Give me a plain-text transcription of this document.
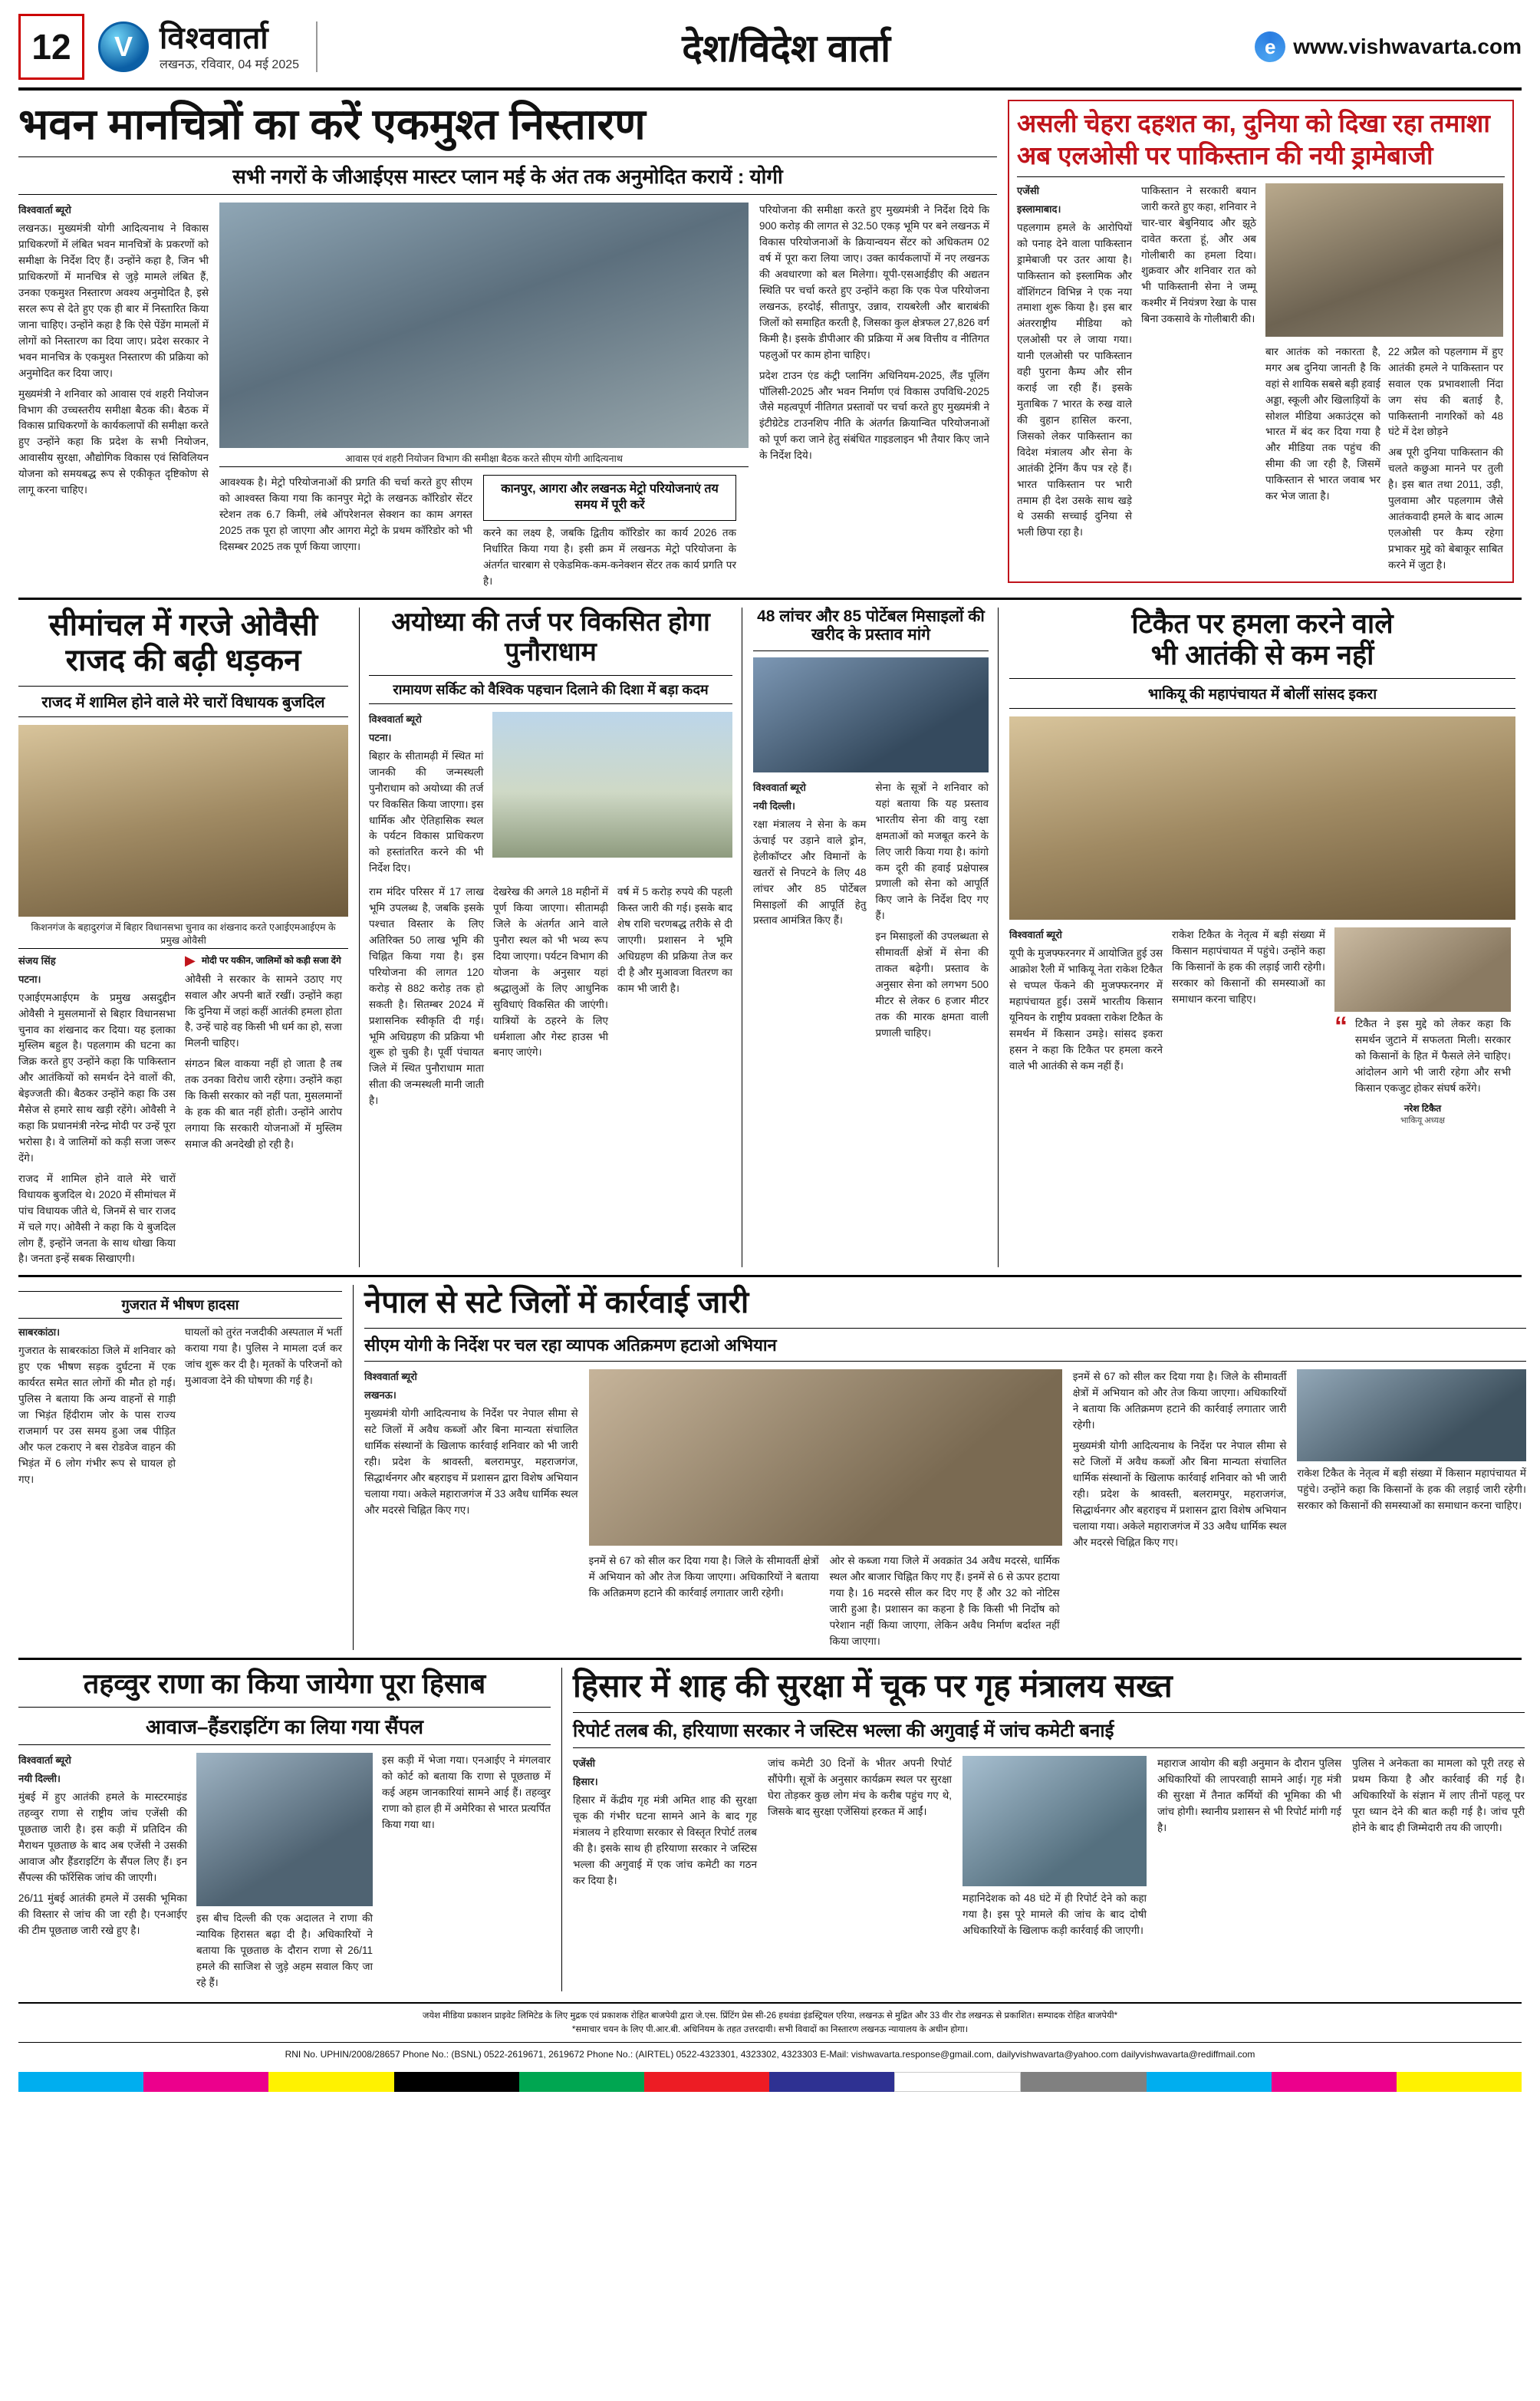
12	V विश्ववार्ता
लखनऊ, रविवार, 04 मई 2025	देश/विदेश वार्ता	e www.vishwavarta.com
भवन मानचित्रों का करें एकमुश्त निस्तारण
सभी नगरों के जीआईएस मास्टर प्लान मई के अंत तक अनुमोदित करायें : योगी
विश्ववार्ता ब्यूरो
लखनऊ। मुख्यमंत्री योगी आदित्यनाथ ने विकास प्राधिकरणों में लंबित भवन मानचित्रों के प्रकरणों को समीक्षा के निर्देश दिए हैं। उन्होंने कहा है, जिन भी प्राधिकरणों में मानचित्र से जुड़े मामले लंबित हैं, उनका एकमुश्त निस्तारण अवश्य अनुमोदित है, इसे सरल रूप से देते हुए एक ही बार में निस्तारित किया जाना चाहिए। उन्होंने कहा है कि ऐसे पेंडेंग मामलों में लोगों को निस्तारण का दिया जाए। प्रदेश सरकार ने भवन मानचित्र के एकमुश्त निस्तारण की प्रक्रिया को अनुमोदित कर दिया जाए।
मुख्यमंत्री ने शनिवार को आवास एवं शहरी नियोजन विभाग की उच्चस्तरीय समीक्षा बैठक की। बैठक में विकास प्राधिकरणों के कार्यकलापों की समीक्षा करते हुए उन्होंने कहा कि प्रदेश के सभी नियोजन, आवासीय सुरक्षा, औद्योगिक विकास एवं सिविलियन योजना को समयबद्ध रूप से एकीकृत दृष्टिकोण से लागू करना चाहिए।
आवास एवं शहरी नियोजन विभाग की समीक्षा बैठक करते सीएम योगी आदित्यनाथ
आवश्यक है। मेट्रो परियोजनाओं की प्रगति की चर्चा करते हुए सीएम को आश्वस्त किया गया कि कानपुर मेट्रो के लखनऊ कॉरिडोर सेंटर स्टेशन तक 6.7 किमी, लंबे ऑपरेशनल सेक्शन का काम अगस्त 2025 तक पूरा हो जाएगा और आगरा मेट्रो के प्रथम कॉरिडोर को भी दिसम्बर 2025 तक पूर्ण किया जाएगा।
कानपुर, आगरा और लखनऊ मेट्रो परियोजनाएं तय समय में पूरी करें
करने का लक्ष्य है, जबकि द्वितीय कॉरिडोर का कार्य 2026 तक निर्धारित किया गया है। इसी क्रम में लखनऊ मेट्रो परियोजना के अंतर्गत चारबाग से एकेडमिक-कम-कनेक्शन सेंटर तक कार्य प्रगति पर है।
परियोजना की समीक्षा करते हुए मुख्यमंत्री ने निर्देश दिये कि 900 करोड़ की लागत से 32.50 एकड़ भूमि पर बने लखनऊ में विकास परियोजनाओं के क्रियान्वयन सेंटर को अधिकतम 02 वर्ष में पूरा करा लिया जाए। उक्त कार्यकलापों में नए लखनऊ की अवधारणा को बल मिलेगा। यूपी-एसआईडीए की अद्यतन स्थिति पर चर्चा करते हुए उन्होंने कहा कि एक पेज परियोजना लखनऊ, हरदोई, सीतापुर, उन्नाव, रायबरेली और बाराबंकी जिलों को समाहित करती है, जिसका कुल क्षेत्रफल 27,826 वर्ग किमी है। इसके डीपीआर की प्रक्रिया में अब वित्तीय व नीतिगत पहलुओं पर काम होना चाहिए।
प्रदेश टाउन एंड कंट्री प्लानिंग अधिनियम-2025, लैंड पूलिंग पॉलिसी-2025 और भवन निर्माण एवं विकास उपविधि-2025 जैसे महत्वपूर्ण नीतिगत प्रस्तावों पर चर्चा करते हुए मुख्यमंत्री ने इंटीग्रेटेड टाउनशिप नीति के अंतर्गत क्रियान्वित परियोजनाओं को पूर्ण करा जाने हेतु संबंधित गाइडलाइन भी तैयार किए जाने के निर्देश दिये।
असली चेहरा दहशत का, दुनिया को दिखा रहा तमाशा
अब एलओसी पर पाकिस्तान की नयी ड्रामेबाजी
एजेंसी
इस्लामाबाद।
पहलगाम हमले के आरोपियों को पनाह देने वाला पाकिस्तान ड्रामेबाजी पर उतर आया है। पाकिस्तान को इस्लामिक और वॉशिंगटन विभिन्न ने एक नया तमाशा शुरू किया है। इस बार अंतरराष्ट्रीय मीडिया को एलओसी पर ले जाया गया। यानी एलओसी पर पाकिस्तान वही पुराना कैम्प और सीन कराई जा रही हैं। इसके मुताबिक 7 भारत के रुख वाले की वुहान हासिल करना, जिसको लेकर पाकिस्तान का विदेश मंत्रालय और सेना के आतंकी ट्रेनिंग कैंप पत्र रहे हैं। भारत पाकिस्तान पर भारी तमाम ही देश उसके साथ खड़े थे उसकी सच्चाई दुनिया से भली छिपा रहा है।
पाकिस्तान ने सरकारी बयान जारी करते हुए कहा, शनिवार ने चार-चार बेबुनियाद और झूठे दावेत करता हूं, और अब गोलीबारी का हमला दिया। शुक्रवार और शनिवार रात को भी पाकिस्तानी सेना ने जम्मू कश्मीर में नियंत्रण रेखा के पास बिना उकसावे के गोलीबारी की।
बार आतंक को नकारता है, मगर अब दुनिया जानती है कि वहां से शायिक सबसे बड़ी हवाई अड्डा, स्कूली और खिलाड़ियों के सोशल मीडिया अकाउंट्स को भारत में बंद कर दिया गया है और मीडिया तक पहुंच की सीमा की जा रही है, जिसमें पाकिस्तान से भारत जवाब भर कर भेज जाता है।
22 अप्रैल को पहलगाम में हुए आतंकी हमले ने पाकिस्तान पर सवाल एक प्रभावशाली निंदा जग संघ की बताई है, पाकिस्तानी नागरिकों को 48 घंटे में देश छोड़ने
अब पूरी दुनिया पाकिस्तान की चलते कछुआ मानने पर तुली है। इस बात तथा 2011, उड़ी, पुलवामा और पहलगाम जैसे आतंकवादी हमले के बाद आत्म एलओसी पर कैम्प रहेगा प्रभाकर मुद्दे को बेबाकूर साबित करने में जुटा है।
सीमांचल में गरजे ओवैसी
राजद की बढ़ी धड़कन
राजद में शामिल होने वाले मेरे चारों विधायक बुजदिल
किशनगंज के बहादुरगंज में बिहार विधानसभा चुनाव का शंखनाद करते एआईएमआईएम के प्रमुख ओवैसी
संजय सिंह
पटना।
एआईएमआईएम के प्रमुख असदुद्दीन ओवैसी ने मुसलमानों से बिहार विधानसभा चुनाव का शंखनाद कर दिया। यह इलाका मुस्लिम बहुल है। पहलगाम की घटना का जिक्र करते हुए उन्होंने कहा कि पाकिस्तान और आतंकियों को समर्थन देने वालों की, बेइज्जती की। बैठकर उन्होंने कहा कि उस मैसेज से हमारे साथ खड़ी रहेंगे। ओवैसी ने कहा कि प्रधानमंत्री नरेन्द्र मोदी पर उन्हें पूरा भरोसा है। वे जालिमों को कड़ी सजा जरूर देंगे।
राजद में शामिल होने वाले मेरे चारों विधायक बुजदिल थे। 2020 में सीमांचल में पांच विधायक जीते थे, जिनमें से चार राजद में चले गए। ओवैसी ने कहा कि ये बुजदिल लोग हैं, इन्होंने जनता के साथ धोखा किया है। जनता इन्हें सबक सिखाएगी।
▶ मोदी पर यकीन, जालिमों को कड़ी सजा देंगे
ओवैसी ने सरकार के सामने उठाए गए सवाल और अपनी बातें रखीं। उन्होंने कहा कि दुनिया में जहां कहीं आतंकी हमला होता है, उन्हें चाहे वह किसी भी धर्म का हो, सजा मिलनी चाहिए।
संगठन बिल वाकया नहीं हो जाता है तब तक उनका विरोध जारी रहेगा। उन्होंने कहा कि किसी सरकार को नहीं पता, मुसलमानों के हक की बात नहीं होती। उन्होंने आरोप लगाया कि सरकारी योजनाओं में मुस्लिम समाज की अनदेखी हो रही है।
अयोध्या की तर्ज पर विकसित होगा पुनौराधाम
रामायण सर्किट को वैश्विक पहचान दिलाने की दिशा में बड़ा कदम
विश्ववार्ता ब्यूरो
पटना।
बिहार के सीतामढ़ी में स्थित मां जानकी की जन्मस्थली पुनौराधाम को अयोध्या की तर्ज पर विकसित किया जाएगा। इस धार्मिक और ऐतिहासिक स्थल के पर्यटन विकास प्राधिकरण को हस्तांतरित करने की भी निर्देश दिए।
राम मंदिर परिसर में 17 लाख भूमि उपलब्ध है, जबकि इसके पश्चात विस्तार के लिए अतिरिक्त 50 लाख भूमि की चिह्नित किया गया है। इस परियोजना की लागत 120 करोड़ से 882 करोड़ तक हो सकती है। सितम्बर 2024 में प्रशासनिक स्वीकृति दी गई। भूमि अधिग्रहण की प्रक्रिया भी शुरू हो चुकी है। पूर्वी पंचायत जिले में स्थित पुनौराधाम माता सीता की जन्मस्थली मानी जाती है।
देखरेख की अगले 18 महीनों में पूर्ण किया जाएगा। सीतामढ़ी जिले के अंतर्गत आने वाले पुनौरा स्थल को भी भव्य रूप दिया जाएगा। पर्यटन विभाग की योजना के अनुसार यहां श्रद्धालुओं के लिए आधुनिक सुविधाएं विकसित की जाएंगी। यात्रियों के ठहरने के लिए धर्मशाला और गेस्ट हाउस भी बनाए जाएंगे।
वर्ष में 5 करोड़ रुपये की पहली किस्त जारी की गई। इसके बाद शेष राशि चरणबद्ध तरीके से दी जाएगी। प्रशासन ने भूमि अधिग्रहण की प्रक्रिया तेज कर दी है और मुआवजा वितरण का काम भी जारी है।
48 लांचर और 85 पोर्टेबल मिसाइलों की खरीद के प्रस्ताव मांगे
विश्ववार्ता ब्यूरो
नयी दिल्ली।
रक्षा मंत्रालय ने सेना के कम ऊंचाई पर उड़ाने वाले ड्रोन, हेलीकॉप्टर और विमानों के खतरों से निपटने के लिए 48 लांचर और 85 पोर्टेबल मिसाइलों की आपूर्ति हेतु प्रस्ताव आमंत्रित किए हैं।
सेना के सूत्रों ने शनिवार को यहां बताया कि यह प्रस्ताव भारतीय सेना की वायु रक्षा क्षमताओं को मजबूत करने के लिए जारी किया गया है। कांगो कम दूरी की हवाई प्रक्षेपास्त्र प्रणाली को सेना को आपूर्ति किए जाने के निर्देश दिए गए हैं।
इन मिसाइलों की उपलब्धता से सीमावर्ती क्षेत्रों में सेना की ताकत बढ़ेगी। प्रस्ताव के अनुसार सेना को लगभग 500 मीटर से लेकर 6 हजार मीटर तक की मारक क्षमता वाली प्रणाली चाहिए।
टिकैत पर हमला करने वाले
भी आतंकी से कम नहीं
भाकियू की महापंचायत में बोलीं सांसद इकरा
विश्ववार्ता ब्यूरो
यूपी के मुजफ्फरनगर में आयोजित हुई उस आक्रोश रैली में भाकियू नेता राकेश टिकैत से चप्पल फेंकने की मुजफ्फरनगर में महापंचायत हुई। उसमें भारतीय किसान यूनियन के राष्ट्रीय प्रवक्ता राकेश टिकैत के समर्थन में किसान उमड़े। सांसद इकरा हसन ने कहा कि टिकैत पर हमला करने वाले भी आतंकी से कम नहीं हैं।
राकेश टिकैत के नेतृत्व में बड़ी संख्या में किसान महापंचायत में पहुंचे। उन्होंने कहा कि किसानों के हक की लड़ाई जारी रहेगी। सरकार को किसानों की समस्याओं का समाधान करना चाहिए।
“ टिकैत ने इस मुद्दे को लेकर कहा कि समर्थन जुटाने में सफलता मिली। सरकार को किसानों के हित में फैसले लेने चाहिए। आंदोलन आगे भी जारी रहेगा और सभी किसान एकजुट होकर संघर्ष करेंगे।
नरेश टिकैत
भाकियू अध्यक्ष
गुजरात में भीषण हादसा
साबरकांठा।
गुजरात के साबरकांठा जिले में शनिवार को हुए एक भीषण सड़क दुर्घटना में एक कार्यरत समेत सात लोगों की मौत हो गई। पुलिस ने बताया कि अन्य वाहनों से गाड़ी जा भिड़ंत हिंदीराम जोर के पास राज्य राजमार्ग पर उस समय हुआ जब पीड़ित और फल टकराए ने बस रोडवेज वाहन की भिड़ंत में 6 लोग गंभीर रूप से घायल हो गए।
घायलों को तुरंत नजदीकी अस्पताल में भर्ती कराया गया है। पुलिस ने मामला दर्ज कर जांच शुरू कर दी है। मृतकों के परिजनों को मुआवजा देने की घोषणा की गई है।
नेपाल से सटे जिलों में कार्रवाई जारी
सीएम योगी के निर्देश पर चल रहा व्यापक अतिक्रमण हटाओ अभियान
विश्ववार्ता ब्यूरो
लखनऊ।
मुख्यमंत्री योगी आदित्यनाथ के निर्देश पर नेपाल सीमा से सटे जिलों में अवैध कब्जों और बिना मान्यता संचालित धार्मिक संस्थानों के खिलाफ कार्रवाई शनिवार को भी जारी रही। प्रदेश के श्रावस्ती, बलरामपुर, महराजगंज, सिद्धार्थनगर और बहराइच में प्रशासन द्वारा विशेष अभियान चलाया गया। अकेले महाराजगंज में 33 अवैध धार्मिक स्थल और मदरसे चिह्नित किए गए।
इनमें से 67 को सील कर दिया गया है। जिले के सीमावर्ती क्षेत्रों में अभियान को और तेज किया जाएगा। अधिकारियों ने बताया कि अतिक्रमण हटाने की कार्रवाई लगातार जारी रहेगी।
ओर से कब्जा गया जिले में अवक्रांत 34 अवैध मदरसे, धार्मिक स्थल और बाजार चिह्नित किए गए हैं। इनमें से 6 से ऊपर हटाया गया है। 16 मदरसे सील कर दिए गए हैं और 32 को नोटिस जारी हुआ है। प्रशासन का कहना है कि किसी भी निर्दोष को परेशान नहीं किया जाएगा, लेकिन अवैध निर्माण बर्दाश्त नहीं किया जाएगा।
इनमें से 67 को सील कर दिया गया है। जिले के सीमावर्ती क्षेत्रों में अभियान को और तेज किया जाएगा। अधिकारियों ने बताया कि अतिक्रमण हटाने की कार्रवाई लगातार जारी रहेगी।
मुख्यमंत्री योगी आदित्यनाथ के निर्देश पर नेपाल सीमा से सटे जिलों में अवैध कब्जों और बिना मान्यता संचालित धार्मिक संस्थानों के खिलाफ कार्रवाई शनिवार को भी जारी रही। प्रदेश के श्रावस्ती, बलरामपुर, महराजगंज, सिद्धार्थनगर और बहराइच में प्रशासन द्वारा विशेष अभियान चलाया गया। अकेले महाराजगंज में 33 अवैध धार्मिक स्थल और मदरसे चिह्नित किए गए।
राकेश टिकैत के नेतृत्व में बड़ी संख्या में किसान महापंचायत में पहुंचे। उन्होंने कहा कि किसानों के हक की लड़ाई जारी रहेगी। सरकार को किसानों की समस्याओं का समाधान करना चाहिए।
तहव्वुर राणा का किया जायेगा पूरा हिसाब
आवाज–हैंडराइटिंग का लिया गया सैंपल
विश्ववार्ता ब्यूरो
नयी दिल्ली।
मुंबई में हुए आतंकी हमले के मास्टरमाइंड तहव्वुर राणा से राष्ट्रीय जांच एजेंसी की पूछताछ जारी है। इस कड़ी में प्रतिदिन की मैराथन पूछताछ के बाद अब एजेंसी ने उसकी आवाज और हैंडराइटिंग के सैंपल लिए हैं। इन सैंपल्स की फॉरेंसिक जांच की जाएगी।
26/11 मुंबई आतंकी हमले में उसकी भूमिका की विस्तार से जांच की जा रही है। एनआईए की टीम पूछताछ जारी रखे हुए है।
इस बीच दिल्ली की एक अदालत ने राणा की न्यायिक हिरासत बढ़ा दी है। अधिकारियों ने बताया कि पूछताछ के दौरान राणा से 26/11 हमले की साजिश से जुड़े अहम सवाल किए जा रहे हैं।
इस कड़ी में भेजा गया। एनआईए ने मंगलवार को कोर्ट को बताया कि राणा से पूछताछ में कई अहम जानकारियां सामने आई हैं। तहव्वुर राणा को हाल ही में अमेरिका से भारत प्रत्यर्पित किया गया था।
हिसार में शाह की सुरक्षा में चूक पर गृह मंत्रालय सख्त
रिपोर्ट तलब की, हरियाणा सरकार ने जस्टिस भल्ला की अगुवाई में जांच कमेटी बनाई
एजेंसी
हिसार।
हिसार में केंद्रीय गृह मंत्री अमित शाह की सुरक्षा चूक की गंभीर घटना सामने आने के बाद गृह मंत्रालय ने हरियाणा सरकार से विस्तृत रिपोर्ट तलब की है। इसके साथ ही हरियाणा सरकार ने जस्टिस भल्ला की अगुवाई में एक जांच कमेटी का गठन कर दिया है।
जांच कमेटी 30 दिनों के भीतर अपनी रिपोर्ट सौंपेगी। सूत्रों के अनुसार कार्यक्रम स्थल पर सुरक्षा घेरा तोड़कर कुछ लोग मंच के करीब पहुंच गए थे, जिसके बाद सुरक्षा एजेंसियां हरकत में आईं।
महानिदेशक को 48 घंटे में ही रिपोर्ट देने को कहा गया है। इस पूरे मामले की जांच के बाद दोषी अधिकारियों के खिलाफ कड़ी कार्रवाई की जाएगी।
महाराज आयोग की बड़ी अनुमान के दौरान पुलिस अधिकारियों की लापरवाही सामने आई। गृह मंत्री की सुरक्षा में तैनात कर्मियों की भूमिका की भी जांच होगी। स्थानीय प्रशासन से भी रिपोर्ट मांगी गई है।
पुलिस ने अनेकता का मामला को पूरी तरह से प्रथम किया है और कार्रवाई की गई है। अधिकारियों के संज्ञान में लाए तीनों पहलू पर पूरा ध्यान देने की बात कही गई है। जांच पूरी होने के बाद ही जिम्मेदारी तय की जाएगी।
जयेश मीडिया प्रकाशन प्राइवेट लिमिटेड के लिए मुद्रक एवं प्रकाशक रोहित बाजपेयी द्वारा जे.एस. प्रिंटिंग प्रेस सी-26 हथवंडा इंडस्ट्रियल एरिया, लखनऊ से मुद्रित और 33 वीर रोड लखनऊ से प्रकाशित। सम्पादक रोहित बाजपेयी*
*समाचार चयन के लिए पी.आर.बी. अधिनियम के तहत उत्तरदायी। सभी विवादों का निस्तारण लखनऊ न्यायालय के अधीन होगा।
RNI No. UPHIN/2008/28657 Phone No.: (BSNL) 0522-2619671, 2619672 Phone No.: (AIRTEL) 0522-4323301, 4323302, 4323303 E-Mail: vishwavarta.response@gmail.com, dailyvishwavarta@yahoo.com dailyvishwavarta@rediffmail.com
